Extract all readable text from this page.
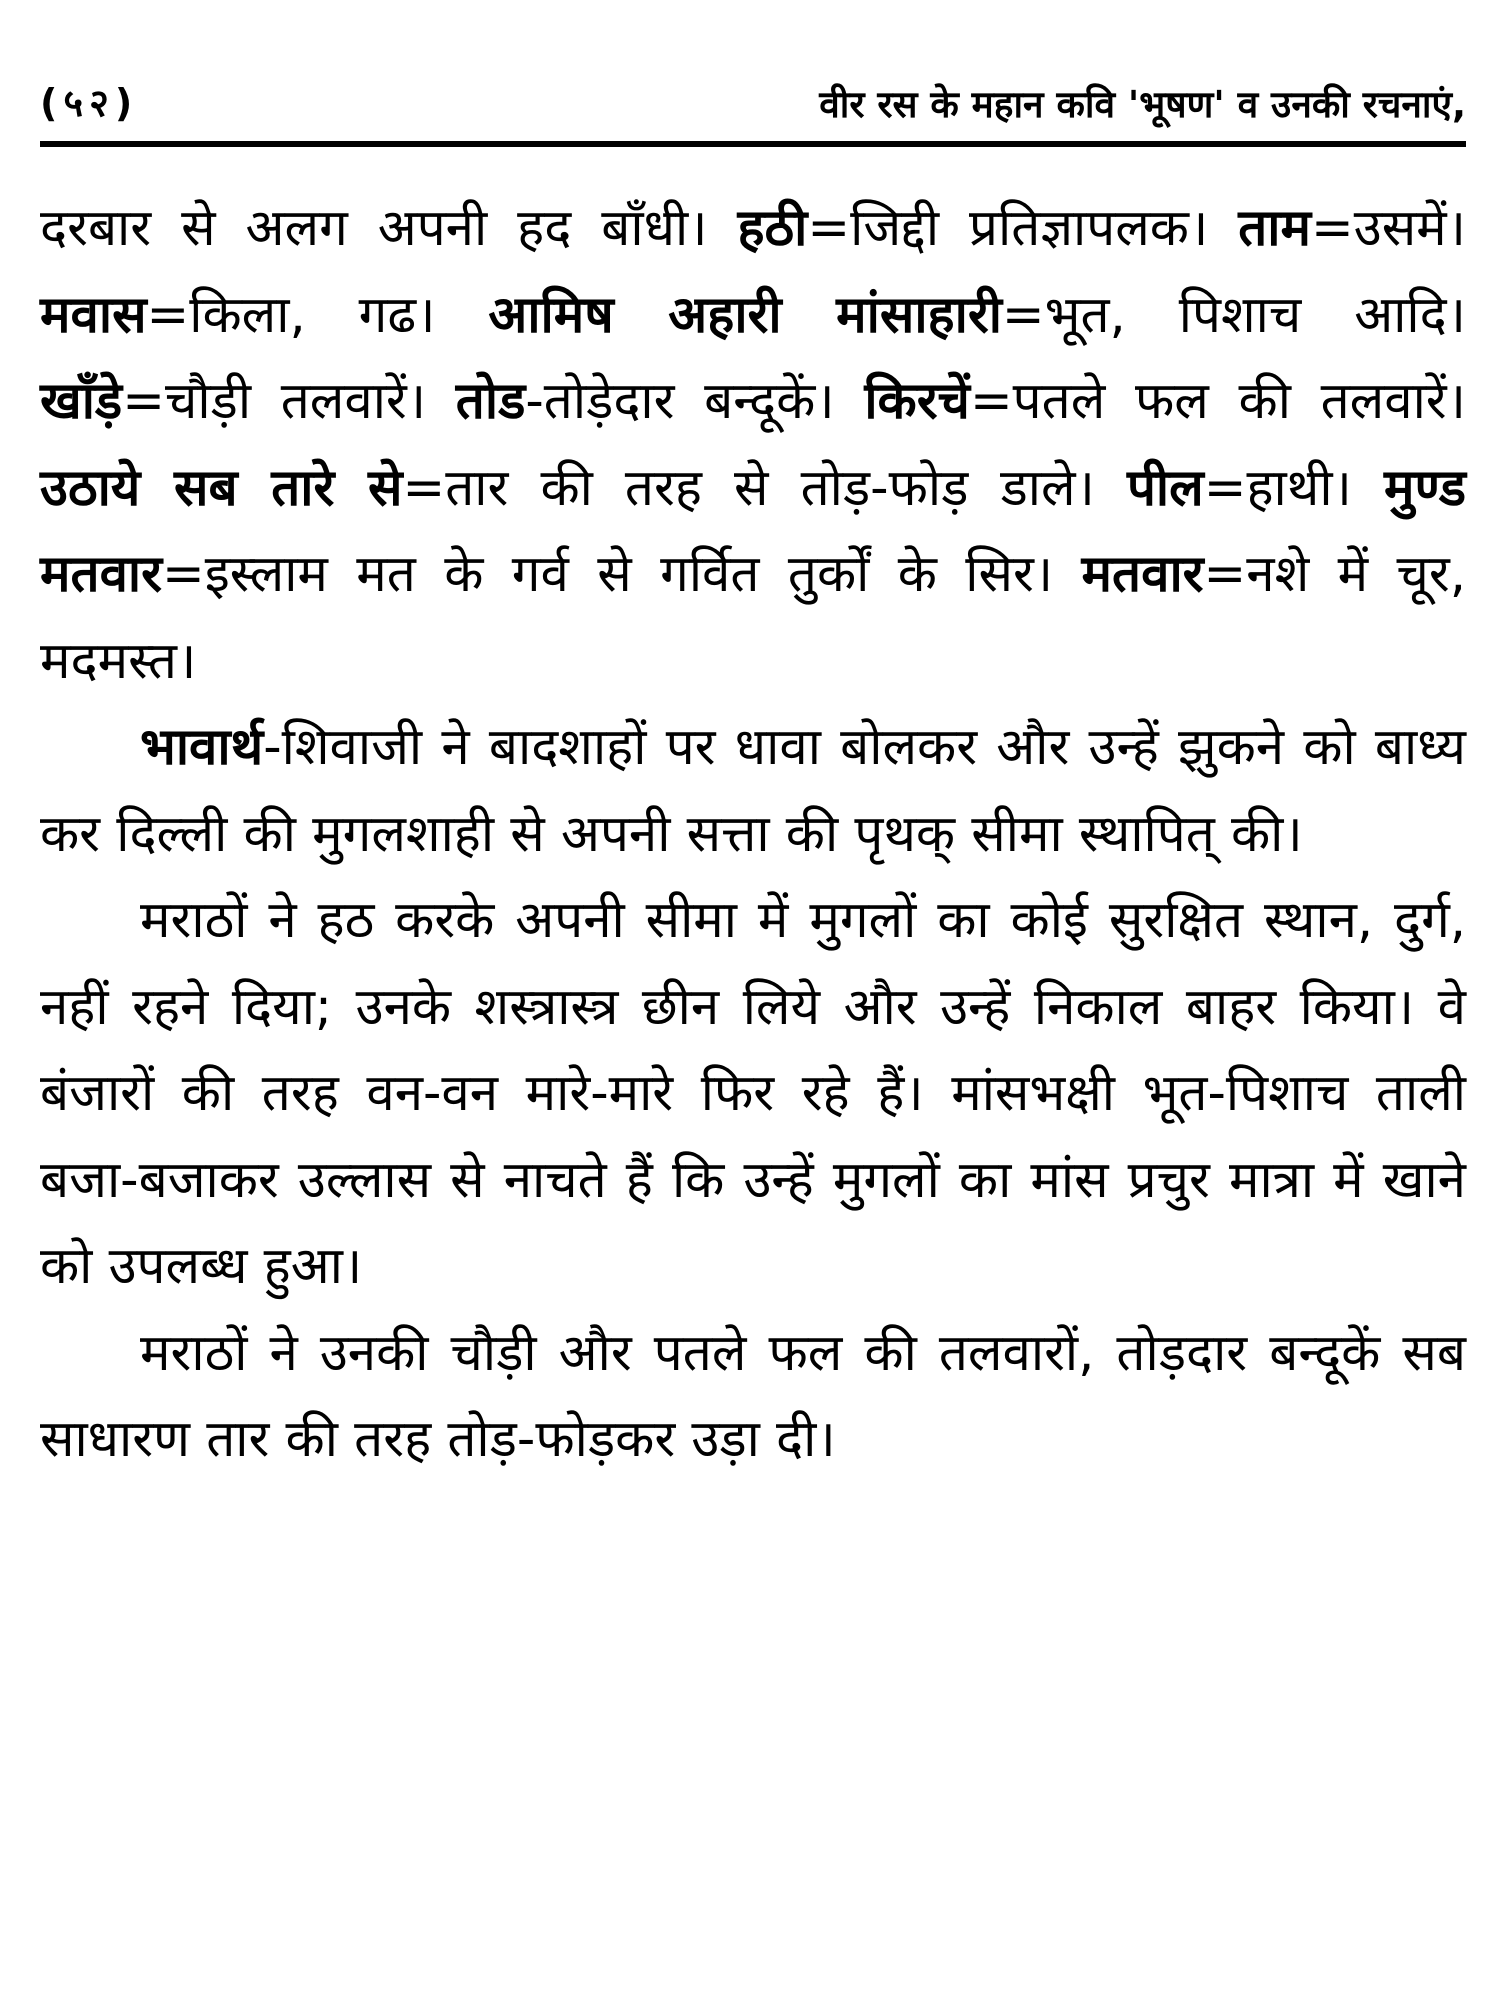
(५२)	वीर रस के महान कवि 'भूषण' व उनकी रचनाएं,

दरबार से अलग अपनी हद बाँधी। हठी=जिद्दी प्रतिज्ञापलक। ताम=उसमें। मवास=किला, गढ। आमिष अहारी मांसाहारी=भूत, पिशाच आदि। खाँड़े=चौड़ी तलवारें। तोड-तोड़ेदार बन्दूकें। किरचें=पतले फल की तलवारें। उठाये सब तारे से=तार की तरह से तोड़-फोड़ डाले। पील=हाथी। मुण्ड मतवार=इस्लाम मत के गर्व से गर्वित तुर्कों के सिर। मतवार=नशे में चूर, मदमस्त।

भावार्थ-शिवाजी ने बादशाहों पर धावा बोलकर और उन्हें झुकने को बाध्य कर दिल्ली की मुगलशाही से अपनी सत्ता की पृथक् सीमा स्थापित् की।

मराठों ने हठ करके अपनी सीमा में मुगलों का कोई सुरक्षित स्थान, दुर्ग, नहीं रहने दिया; उनके शस्त्रास्त्र छीन लिये और उन्हें निकाल बाहर किया। वे बंजारों की तरह वन-वन मारे-मारे फिर रहे हैं। मांसभक्षी भूत-पिशाच ताली बजा-बजाकर उल्लास से नाचते हैं कि उन्हें मुगलों का मांस प्रचुर मात्रा में खाने को उपलब्ध हुआ।

मराठों ने उनकी चौड़ी और पतले फल की तलवारों, तोड़दार बन्दूकें सब साधारण तार की तरह तोड़-फोड़कर उड़ा दी।
